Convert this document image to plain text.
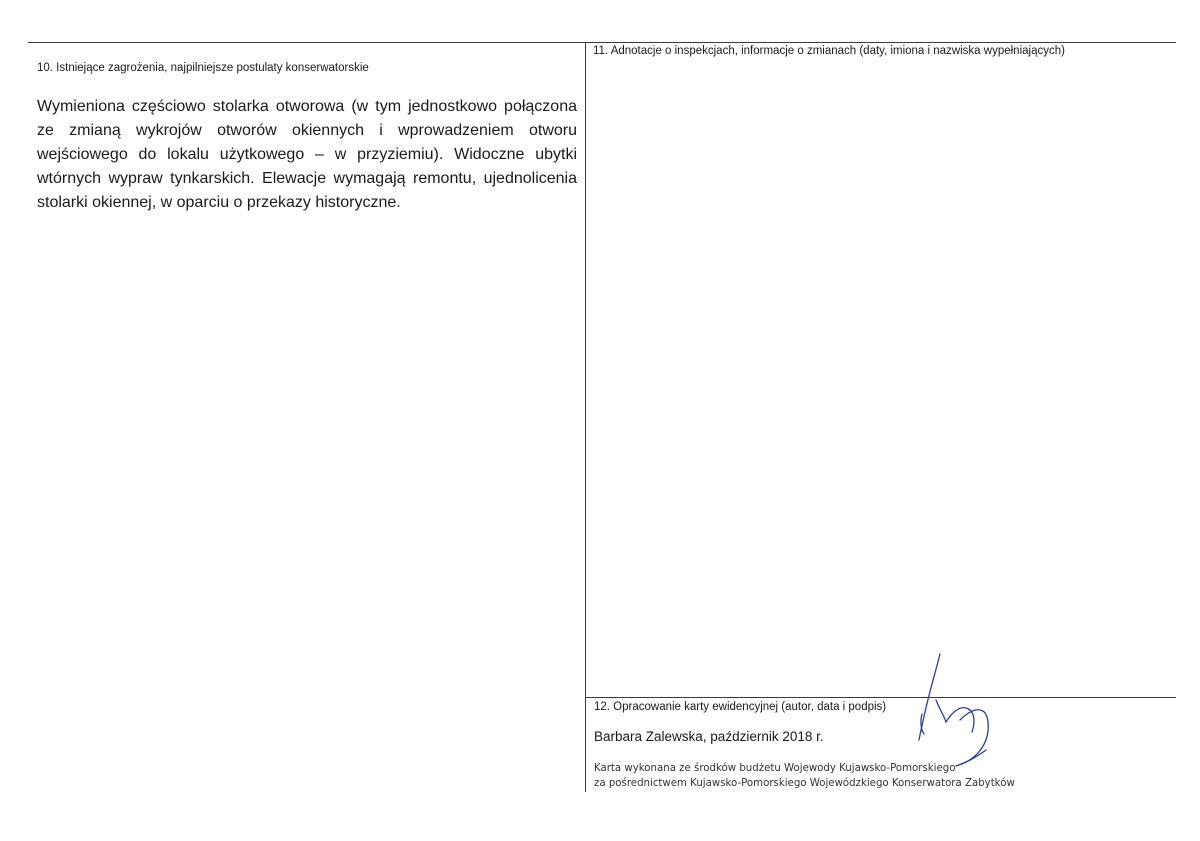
10. Istniejące zagrożenia, najpilniejsze postulaty konserwatorskie
Wymieniona częściowo stolarka otworowa (w tym jednostkowo połączona ze zmianą wykrojów otworów okiennych i wprowadzeniem otworu wejściowego do lokalu użytkowego – w przyziemiu). Widoczne ubytki wtórnych wypraw tynkarskich. Elewacje wymagają remontu, ujednolicenia stolarki okiennej, w oparciu o przekazy historyczne.
11. Adnotacje o inspekcjach, informacje o zmianach (daty, imiona i nazwiska wypełniających)
12. Opracowanie karty ewidencyjnej (autor, data i podpis)
Barbara Zalewska, październik 2018 r.
Karta wykonana ze środków budżetu Wojewody Kujawsko-Pomorskiego
za pośrednictwem Kujawsko-Pomorskiego Wojewódzkiego Konserwatora Zabytków
